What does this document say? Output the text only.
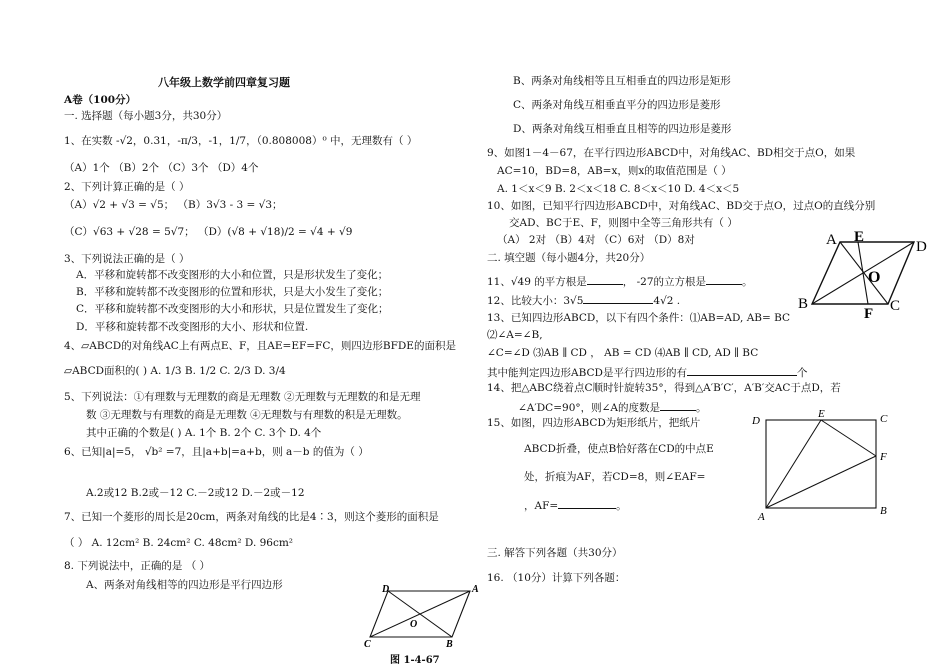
八年级上数学前四章复习题
A卷（100分）
一. 选择题（每小题3分，共30分）
1、在实数 -√2，0.31，-π/3，-1，1/7，（0.808008）⁰ 中，无理数有（ ）
（A）1个 （B）2个 （C）3个 （D）4个
2、下列计算正确的是（ ）
（A）√2 + √3 = √5； （B）3√3 - 3 = √3；
（C）√63 + √28 = 5√7； （D）(√8 + √18)/2 = √4 + √9
3、下列说法正确的是（ ）
A．平移和旋转都不改变图形的大小和位置，只是形状发生了变化；
B．平移和旋转都不改变图形的位置和形状，只是大小发生了变化；
C．平移和旋转都不改变图形的大小和形状，只是位置发生了变化；
D．平移和旋转都不改变图形的大小、形状和位置.
4、▱ABCD的对角线AC上有两点E、F，且AE=EF=FC，则四边形BFDE的面积是
▱ABCD面积的( ) A. 1/3 B. 1/2 C. 2/3 D. 3/4
5、下列说法：①有理数与无理数的商是无理数 ②无理数与无理数的和是无理
数 ③无理数与有理数的商是无理数 ④无理数与有理数的积是无理数。
其中正确的个数是( ) A. 1个 B. 2个 C. 3个 D. 4个
6、已知|a|=5， √b² =7，且|a+b|=a+b，则 a－b 的值为（ ）
A.2或12 B.2或－12 C.－2或12 D.－2或－12
7、已知一个菱形的周长是20cm，两条对角线的比是4∶3，则这个菱形的面积是
（ ） A. 12cm² B. 24cm² C. 48cm² D. 96cm²
8. 下列说法中，正确的是 （ ）
A、两条对角线相等的四边形是平行四边形	D	A
O
C	B
图 1-4-67
B、两条对角线相等且互相垂直的四边形是矩形
C、两条对角线互相垂直平分的四边形是菱形
D、两条对角线互相垂直且相等的四边形是菱形
9、如图1－4－67，在平行四边形ABCD中，对角线AC、BD相交于点O，如果
AC=10，BD=8，AB=x，则x的取值范围是（ ）
A. 1＜x＜9 B. 2＜x＜18 C. 8＜x＜10 D. 4＜x＜5
10、如图，已知平行四边形ABCD中，对角线AC、BD交于点O，过点O的直线分别
交AD、BC于E、F，则图中全等三角形共有（ ）
（A） 2对 （B）4对 （C）6对 （D）8对
二. 填空题（每小题4分，共20分）
11、√49 的平方根是	， -27的立方根是	。
12、比较大小：3√5	4√2 .
13、已知四边形ABCD，以下有四个条件：⑴AB=AD, AB= BC
⑵∠A=∠B,
∠C=∠D ⑶AB ∥ CD ， AB = CD ⑷AB ∥ CD, AD ∥ BC
其中能判定四边形ABCD是平行四边形的有	个
14、把△ABC绕着点C顺时针旋转35°，得到△A′B′C′，A′B′交AC于点D，若
∠A′DC=90°，则∠A的度数是	。
15、如图，四边形ABCD为矩形纸片，把纸片
ABCD折叠，使点B恰好落在CD的中点E
处，折痕为AF，若CD=8，则∠EAF=
，AF=	。
三. 解答下列各题（共30分）
16. （10分）计算下列各题：
A E
D
O
B
F C
D
E	C
F
A	B
